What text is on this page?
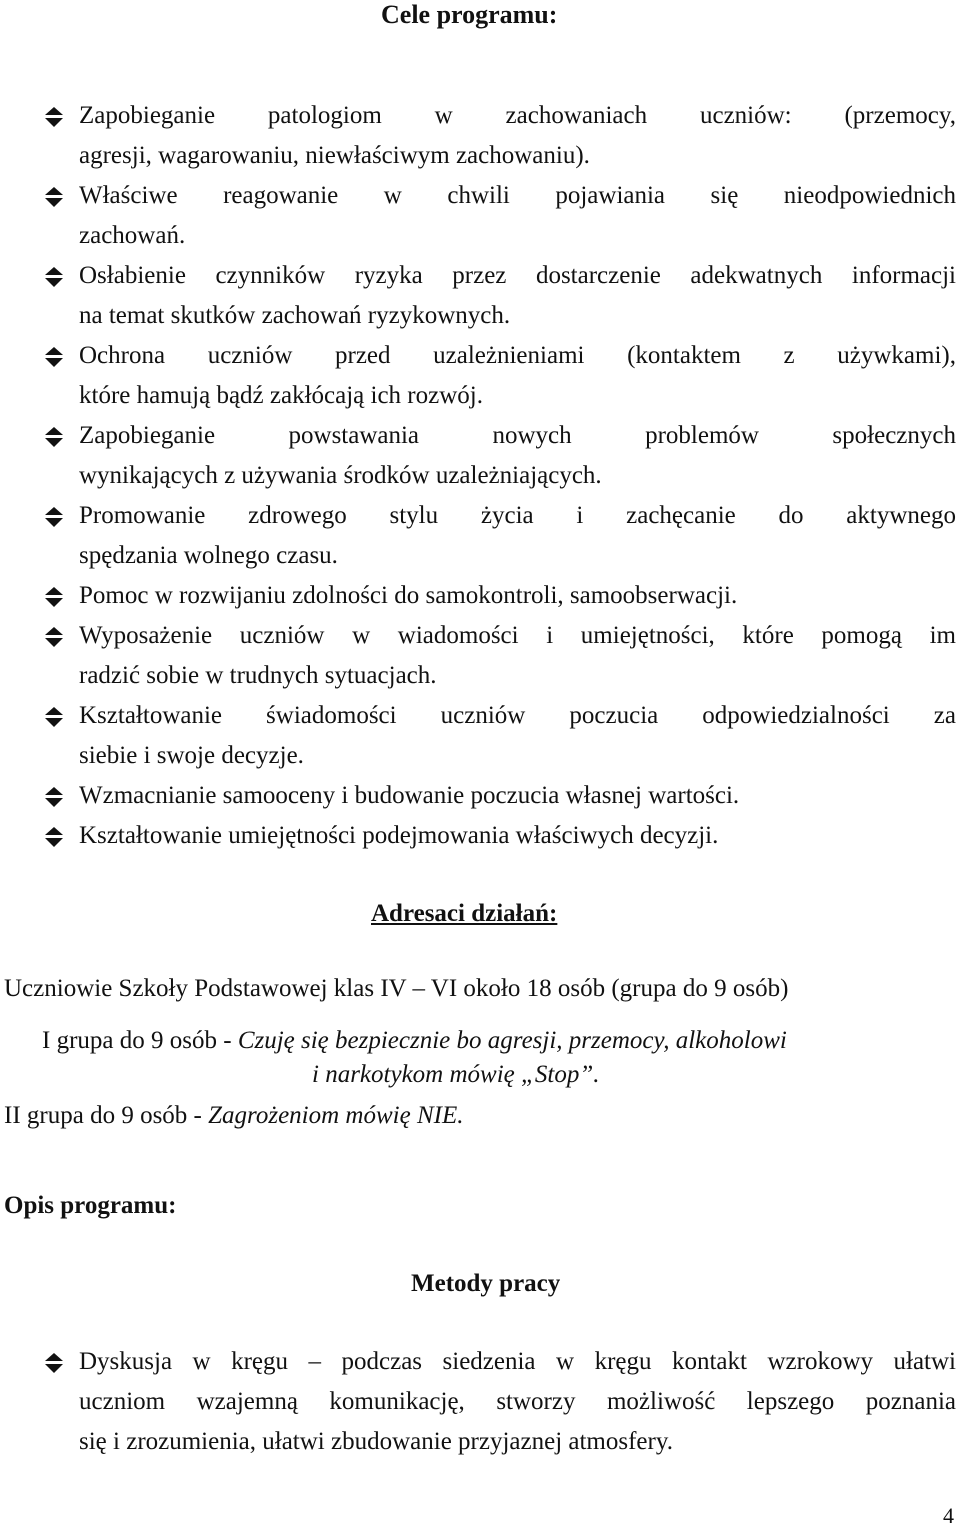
Cele programu:
Zapobieganie patologiom w zachowaniach uczniów: (przemocy,
agresji, wagarowaniu, niewłaściwym zachowaniu).
Właściwe reagowanie w chwili pojawiania się nieodpowiednich
zachowań.
Osłabienie czynników ryzyka przez dostarczenie adekwatnych informacji
na temat skutków zachowań ryzykownych.
Ochrona uczniów przed uzależnieniami (kontaktem z używkami),
które hamują bądź zakłócają ich rozwój.
Zapobieganie powstawania nowych problemów społecznych
wynikających z używania środków uzależniających.
Promowanie zdrowego stylu życia i zachęcanie do aktywnego
spędzania wolnego czasu.
Pomoc w rozwijaniu zdolności do samokontroli, samoobserwacji.
Wyposażenie uczniów w wiadomości i umiejętności, które pomogą im
radzić sobie w trudnych sytuacjach.
Kształtowanie świadomości uczniów poczucia odpowiedzialności za
siebie i swoje decyzje.
Wzmacnianie samooceny i budowanie poczucia własnej wartości.
Kształtowanie umiejętności podejmowania właściwych decyzji.
Adresaci działań:
Uczniowie Szkoły Podstawowej klas IV – VI około 18 osób (grupa do 9 osób)
I grupa do 9 osób - Czuję się bezpiecznie bo agresji, przemocy, alkoholowi
i narkotykom mówię „Stop”.
II grupa do 9 osób - Zagrożeniom mówię NIE.
Opis programu:
Metody pracy
Dyskusja w kręgu – podczas siedzenia w kręgu kontakt wzrokowy ułatwi
uczniom wzajemną komunikację, stworzy możliwość lepszego poznania
się i zrozumienia, ułatwi zbudowanie przyjaznej atmosfery.
4
